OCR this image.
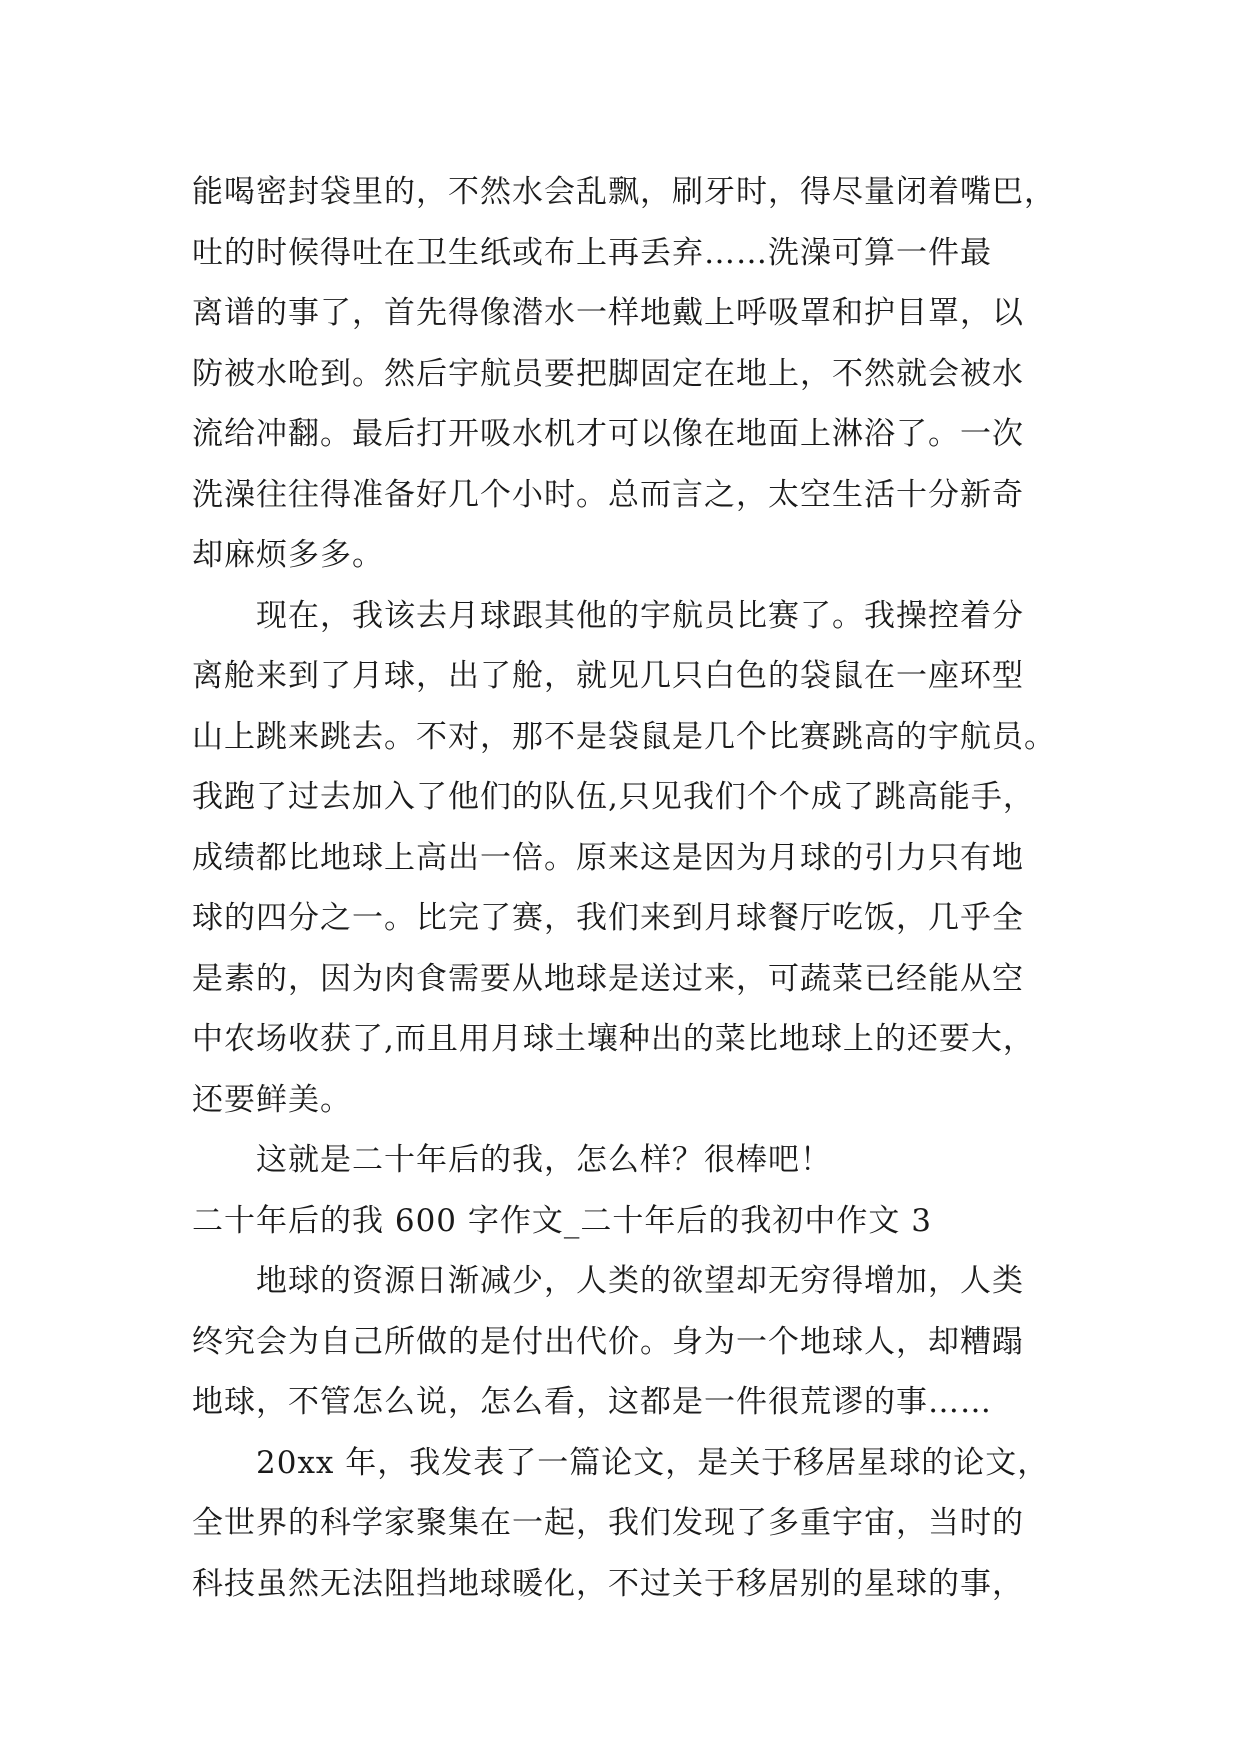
能喝密封袋里的，不然水会乱飘，刷牙时，得尽量闭着嘴巴，
吐的时候得吐在卫生纸或布上再丢弃……洗澡可算一件最
离谱的事了，首先得像潜水一样地戴上呼吸罩和护目罩，以
防被水呛到。然后宇航员要把脚固定在地上，不然就会被水
流给冲翻。最后打开吸水机才可以像在地面上淋浴了。一次
洗澡往往得准备好几个小时。总而言之，太空生活十分新奇
却麻烦多多。
现在，我该去月球跟其他的宇航员比赛了。我操控着分
离舱来到了月球，出了舱，就见几只白色的袋鼠在一座环型
山上跳来跳去。不对，那不是袋鼠是几个比赛跳高的宇航员。
我跑了过去加入了他们的队伍,只见我们个个成了跳高能手，
成绩都比地球上高出一倍。原来这是因为月球的引力只有地
球的四分之一。比完了赛，我们来到月球餐厅吃饭，几乎全
是素的，因为肉食需要从地球是送过来，可蔬菜已经能从空
中农场收获了,而且用月球土壤种出的菜比地球上的还要大，
还要鲜美。
这就是二十年后的我，怎么样？很棒吧！
二十年后的我 600 字作文_二十年后的我初中作文 3
地球的资源日渐减少，人类的欲望却无穷得增加，人类
终究会为自己所做的是付出代价。身为一个地球人，却糟蹋
地球，不管怎么说，怎么看，这都是一件很荒谬的事……
20xx 年，我发表了一篇论文，是关于移居星球的论文，
全世界的科学家聚集在一起，我们发现了多重宇宙，当时的
科技虽然无法阻挡地球暖化，不过关于移居别的星球的事，
